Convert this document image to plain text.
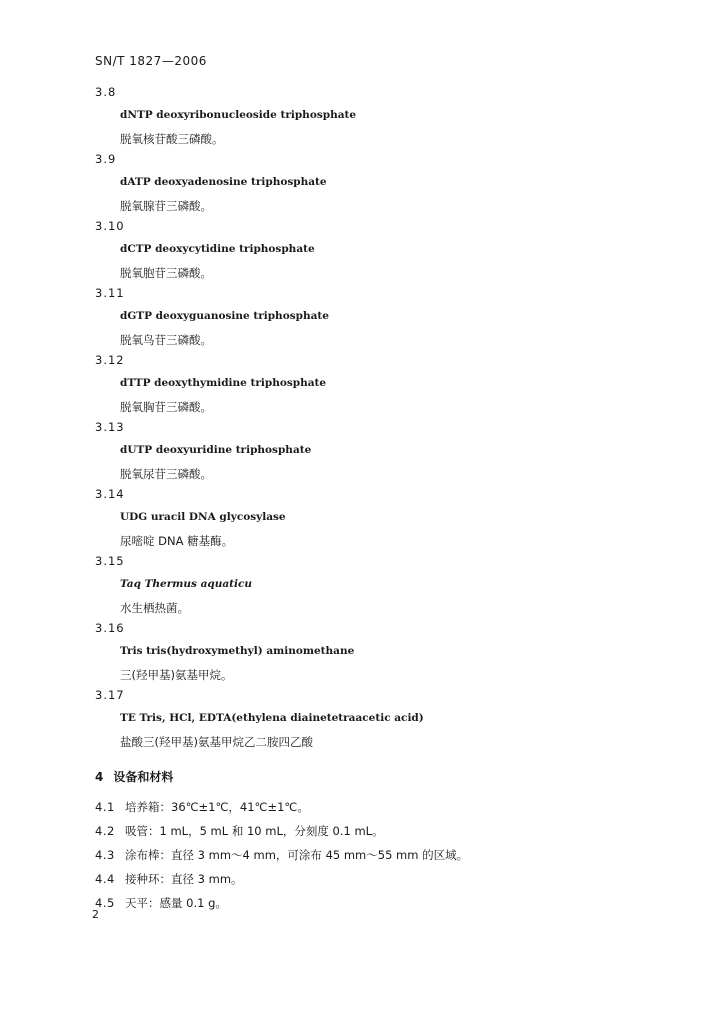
SN/T 1827—2006
3.8
dNTP deoxyribonucleoside triphosphate
脱氧核苷酸三磷酸。
3.9
dATP deoxyadenosine triphosphate
脱氧腺苷三磷酸。
3.10
dCTP deoxycytidine triphosphate
脱氧胞苷三磷酸。
3.11
dGTP deoxyguanosine triphosphate
脱氧鸟苷三磷酸。
3.12
dTTP deoxythymidine triphosphate
脱氧胸苷三磷酸。
3.13
dUTP deoxyuridine triphosphate
脱氧尿苷三磷酸。
3.14
UDG uracil DNA glycosylase
尿嘧啶 DNA 糖基酶。
3.15
Taq Thermus aquaticu
水生栖热菌。
3.16
Tris tris(hydroxymethyl) aminomethane
三(羟甲基)氨基甲烷。
3.17
TE Tris, HCl, EDTA(ethylena diainetetraacetic acid)
盐酸三(羟甲基)氨基甲烷乙二胺四乙酸
4 设备和材料
4.1 培养箱：36℃±1℃，41℃±1℃。
4.2 吸管：1 mL，5 mL 和 10 mL，分刻度 0.1 mL。
4.3 涂布棒：直径 3 mm～4 mm，可涂布 45 mm～55 mm 的区域。
4.4 接种环：直径 3 mm。
4.5 天平：感量 0.1 g。
2
